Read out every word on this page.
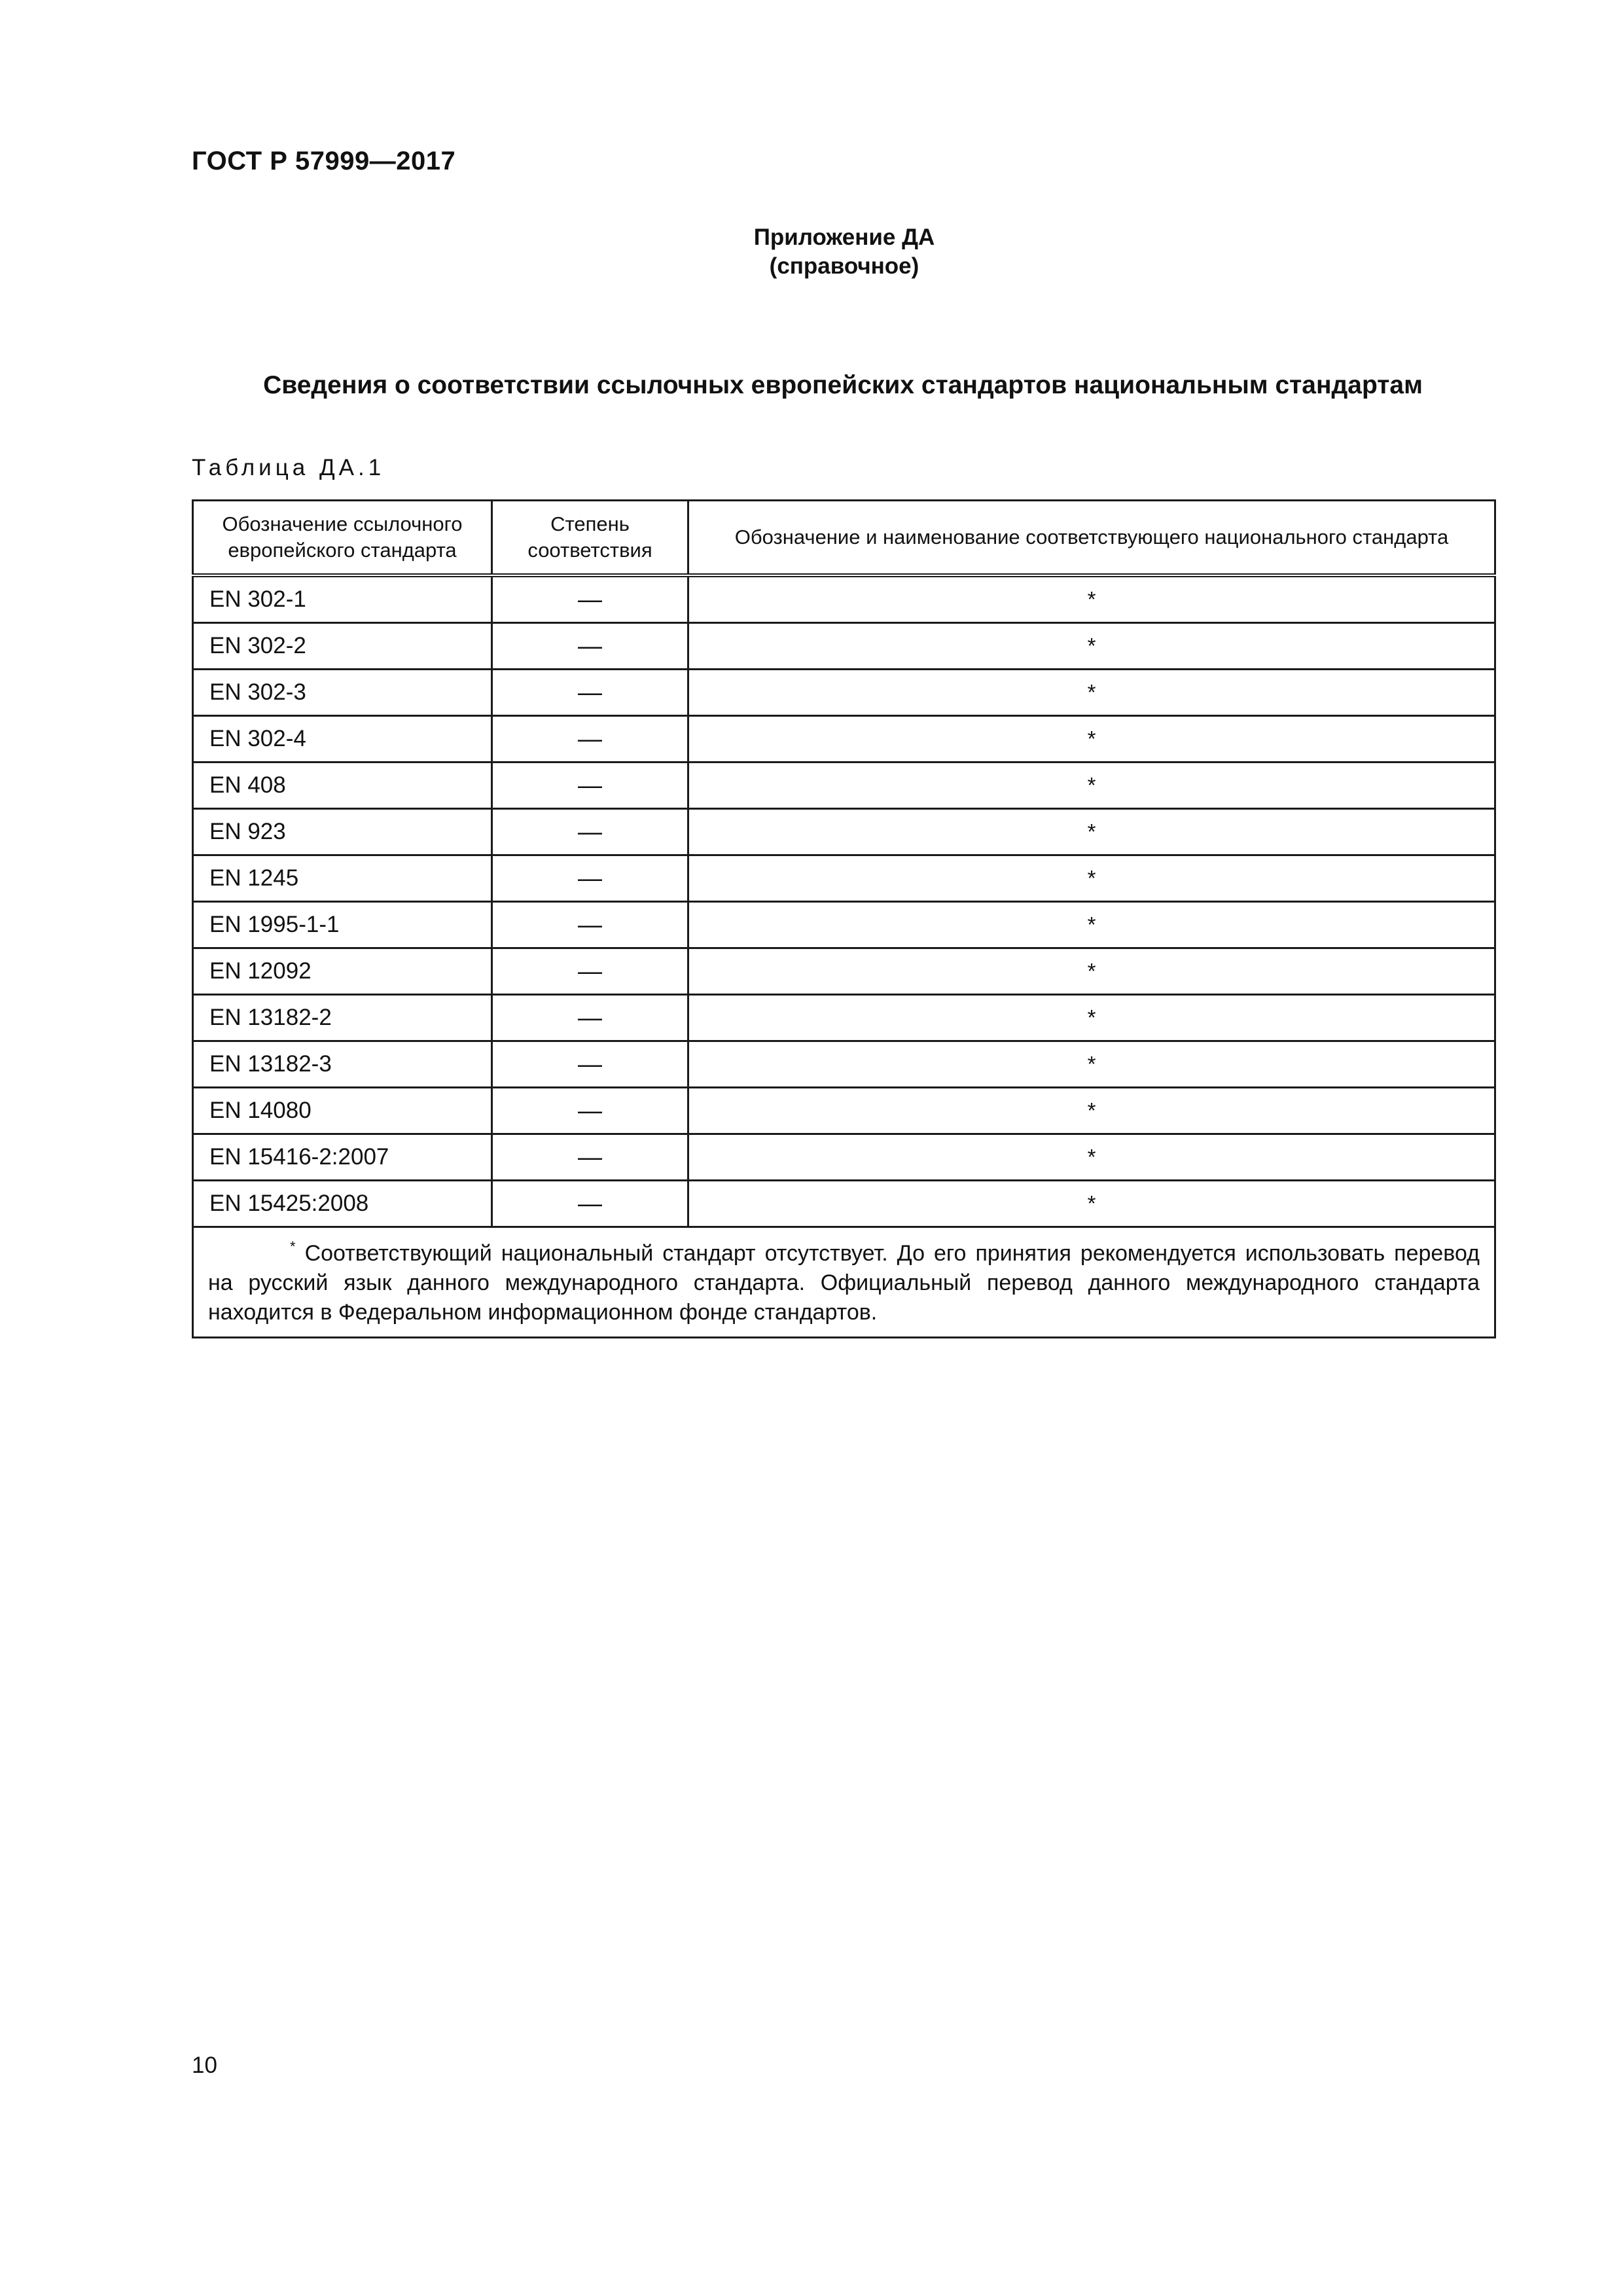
ГОСТ Р 57999—2017
Приложение ДА
(справочное)
Сведения о соответствии ссылочных европейских стандартов национальным стандартам
Таблица ДА.1
Обозначение ссылочного европейского стандарта	Степень соответствия	Обозначение и наименование соответствующего национального стандарта
EN 302-1	—	*
EN 302-2	—	*
EN 302-3	—	*
EN 302-4	—	*
EN 408	—	*
EN 923	—	*
EN 1245	—	*
EN 1995-1-1	—	*
EN 12092	—	*
EN 13182-2	—	*
EN 13182-3	—	*
EN 14080	—	*
EN 15416-2:2007	—	*
EN 15425:2008	—	*
* Соответствующий национальный стандарт отсутствует. До его принятия рекомендуется использовать перевод на русский язык данного международного стандарта. Официальный перевод данного международного стандарта находится в Федеральном информационном фонде стандартов.		
10
